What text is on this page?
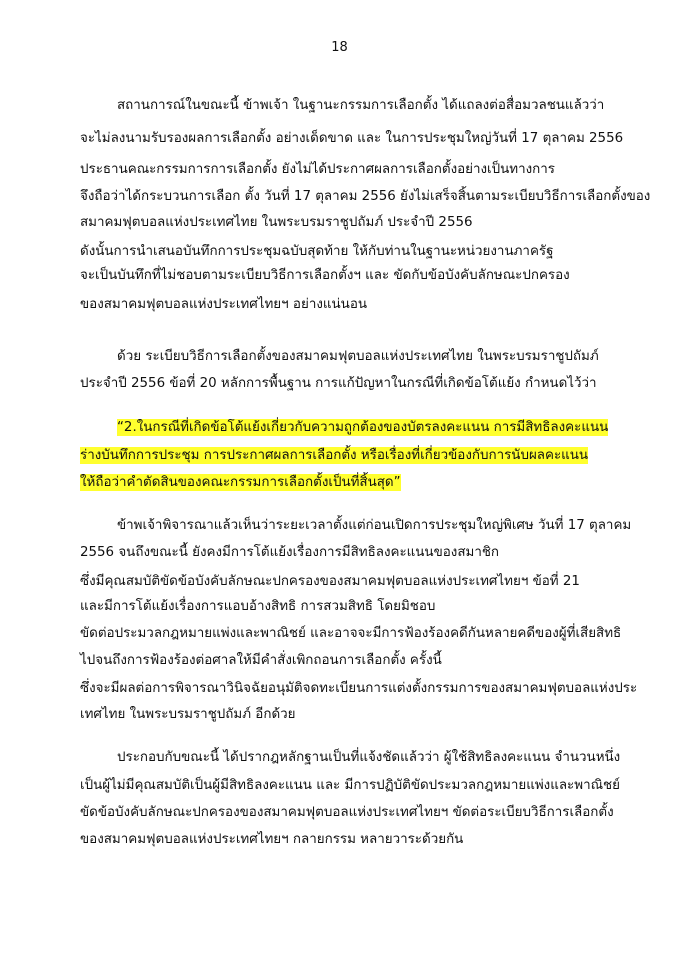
18
สถานการณ์ในขณะนี้ ข้าพเจ้า ในฐานะกรรมการเลือกตั้ง ได้แถลงต่อสื่อมวลชนแล้วว่า
จะไม่ลงนามรับรองผลการเลือกตั้ง อย่างเด็ดขาด และ ในการประชุมใหญ่วันที่ 17 ตุลาคม 2556
ประธานคณะกรรมการการเลือกตั้ง ยังไม่ได้ประกาศผลการเลือกตั้งอย่างเป็นทางการ
จึงถือว่าได้กระบวนการเลือก ตั้ง วันที่ 17 ตุลาคม 2556 ยังไม่เสร็จสิ้นตามระเบียบวิธีการเลือกตั้งของ
สมาคมฟุตบอลแห่งประเทศไทย ในพระบรมราชูปถัมภ์ ประจำปี 2556
ดังนั้นการนำเสนอบันทึกการประชุมฉบับสุดท้าย ให้กับท่านในฐานะหน่วยงานภาครัฐ
จะเป็นบันทึกที่ไม่ชอบตามระเบียบวิธีการเลือกตั้งฯ และ ขัดกับข้อบังคับลักษณะปกครอง
ของสมาคมฟุตบอลแห่งประเทศไทยฯ อย่างแน่นอน
ด้วย ระเบียบวิธีการเลือกตั้งของสมาคมฟุตบอลแห่งประเทศไทย ในพระบรมราชูปถัมภ์
ประจำปี 2556 ข้อที่ 20 หลักการพื้นฐาน การแก้ปัญหาในกรณีที่เกิดข้อโต้แย้ง กำหนดไว้ว่า
“2.ในกรณีที่เกิดข้อโต้แย้งเกี่ยวกับความถูกต้องของบัตรลงคะแนน การมีสิทธิลงคะแนน
ร่างบันทึกการประชุม การประกาศผลการเลือกตั้ง หรือเรื่องที่เกี่ยวข้องกับการนับผลคะแนน
ให้ถือว่าคำตัดสินของคณะกรรมการเลือกตั้งเป็นที่สิ้นสุด”
ข้าพเจ้าพิจารณาแล้วเห็นว่าระยะเวลาตั้งแต่ก่อนเปิดการประชุมใหญ่พิเศษ วันที่ 17 ตุลาคม
2556 จนถึงขณะนี้ ยังคงมีการโต้แย้งเรื่องการมีสิทธิลงคะแนนของสมาชิก
ซึ่งมีคุณสมบัติขัดข้อบังคับลักษณะปกครองของสมาคมฟุตบอลแห่งประเทศไทยฯ ข้อที่ 21
และมีการโต้แย้งเรื่องการแอบอ้างสิทธิ การสวมสิทธิ โดยมิชอบ
ขัดต่อประมวลกฎหมายแพ่งและพาณิชย์ และอาจจะมีการฟ้องร้องคดีกันหลายคดีของผู้ที่เสียสิทธิ
ไปจนถึงการฟ้องร้องต่อศาลให้มีคำสั่งเพิกถอนการเลือกตั้ง ครั้งนี้
ซึ่งจะมีผลต่อการพิจารณาวินิจฉัยอนุมัติจดทะเบียนการแต่งตั้งกรรมการของสมาคมฟุตบอลแห่งประ
เทศไทย ในพระบรมราชูปถัมภ์ อีกด้วย
ประกอบกับขณะนี้ ได้ปรากฎหลักฐานเป็นที่แจ้งชัดแล้วว่า ผู้ใช้สิทธิลงคะแนน จำนวนหนึ่ง
เป็นผู้ไม่มีคุณสมบัติเป็นผู้มีสิทธิลงคะแนน และ มีการปฏิบัติขัดประมวลกฎหมายแพ่งและพาณิชย์
ขัดข้อบังคับลักษณะปกครองของสมาคมฟุตบอลแห่งประเทศไทยฯ ขัดต่อระเบียบวิธีการเลือกตั้ง
ของสมาคมฟุตบอลแห่งประเทศไทยฯ กลายกรรม หลายวาระด้วยกัน
